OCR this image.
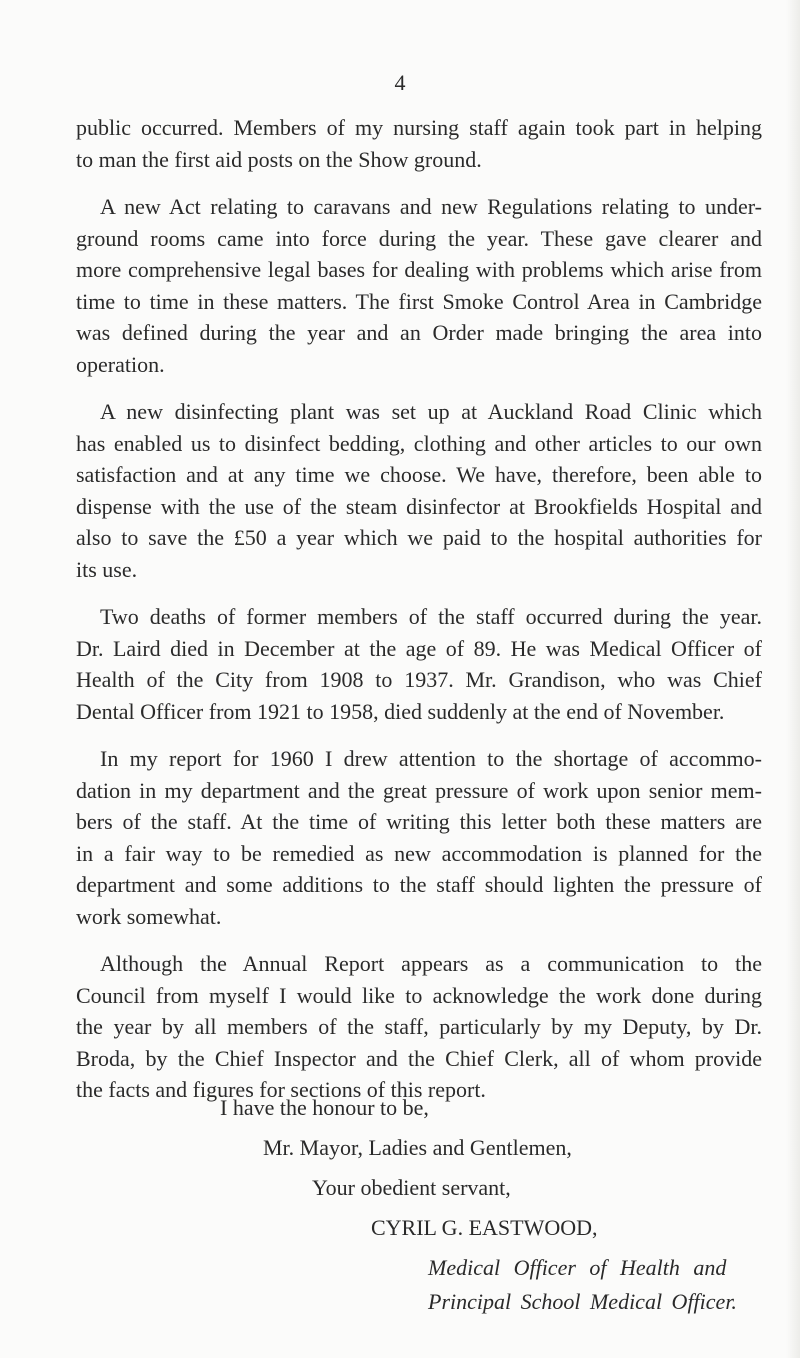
4

public occurred. Members of my nursing staff again took part in helping
to man the first aid posts on the Show ground.

A new Act relating to caravans and new Regulations relating to under-
ground rooms came into force during the year. These gave clearer and
more comprehensive legal bases for dealing with problems which arise from
time to time in these matters. The first Smoke Control Area in Cambridge
was defined during the year and an Order made bringing the area into
operation.

A new disinfecting plant was set up at Auckland Road Clinic which
has enabled us to disinfect bedding, clothing and other articles to our own
satisfaction and at any time we choose. We have, therefore, been able to
dispense with the use of the steam disinfector at Brookfields Hospital and
also to save the £50 a year which we paid to the hospital authorities for
its use.

Two deaths of former members of the staff occurred during the year.
Dr. Laird died in December at the age of 89. He was Medical Officer of
Health of the City from 1908 to 1937. Mr. Grandison, who was Chief
Dental Officer from 1921 to 1958, died suddenly at the end of November.

In my report for 1960 I drew attention to the shortage of accommo-
dation in my department and the great pressure of work upon senior mem-
bers of the staff. At the time of writing this letter both these matters are
in a fair way to be remedied as new accommodation is planned for the
department and some additions to the staff should lighten the pressure of
work somewhat.

Although the Annual Report appears as a communication to the
Council from myself I would like to acknowledge the work done during
the year by all members of the staff, particularly by my Deputy, by Dr.
Broda, by the Chief Inspector and the Chief Clerk, all of whom provide
the facts and figures for sections of this report.

I have the honour to be,
Mr. Mayor, Ladies and Gentlemen,
Your obedient servant,
CYRIL G. EASTWOOD,
Medical Officer of Health and
Principal School Medical Officer.
